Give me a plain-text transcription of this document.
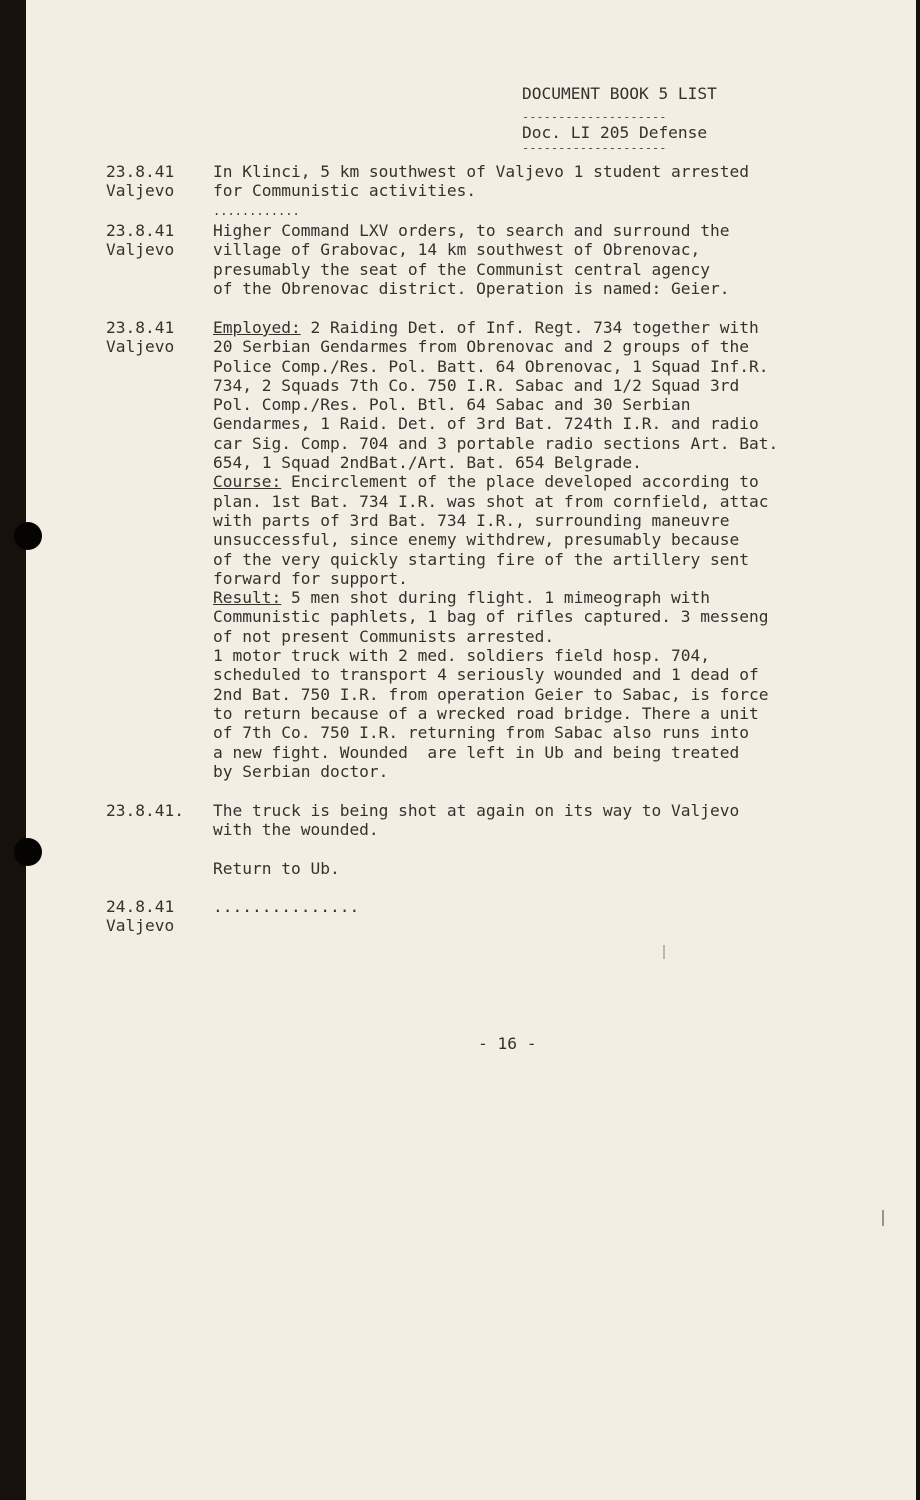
DOCUMENT BOOK 5 LIST
--------------------
Doc. LI 205 Defense
--------------------
23.8.41
Valjevo
In Klinci, 5 km southwest of Valjevo 1 student arrested
for Communistic activities.
23.8.41
Valjevo
............
Higher Command LXV orders, to search and surround the
village of Grabovac, 14 km southwest of Obrenovac,
presumably the seat of the Communist central agency
of the Obrenovac district. Operation is named: Geier.
23.8.41
Valjevo
Employed: 2 Raiding Det. of Inf. Regt. 734 together with
20 Serbian Gendarmes from Obrenovac and 2 groups of the
Police Comp./Res. Pol. Batt. 64 Obrenovac, 1 Squad Inf.R.
734, 2 Squads 7th Co. 750 I.R. Sabac and 1/2 Squad 3rd
Pol. Comp./Res. Pol. Btl. 64 Sabac and 30 Serbian
Gendarmes, 1 Raid. Det. of 3rd Bat. 724th I.R. and radio
car Sig. Comp. 704 and 3 portable radio sections Art. Bat.
654, 1 Squad 2ndBat./Art. Bat. 654 Belgrade.
Course: Encirclement of the place developed according to
plan. 1st Bat. 734 I.R. was shot at from cornfield, attac
with parts of 3rd Bat. 734 I.R., surrounding maneuvre
unsuccessful, since enemy withdrew, presumably because
of the very quickly starting fire of the artillery sent
forward for support.
Result: 5 men shot during flight. 1 mimeograph with
Communistic paphlets, 1 bag of rifles captured. 3 messeng
of not present Communists arrested.
1 motor truck with 2 med. soldiers field hosp. 704,
scheduled to transport 4 seriously wounded and 1 dead of
2nd Bat. 750 I.R. from operation Geier to Sabac, is force
to return because of a wrecked road bridge. There a unit
of 7th Co. 750 I.R. returning from Sabac also runs into
a new fight. Wounded  are left in Ub and being treated
by Serbian doctor.
23.8.41.	The truck is being shot at again on its way to Valjevo
with the wounded.
Return to Ub.
24.8.41
Valjevo
...............
- 16 -
